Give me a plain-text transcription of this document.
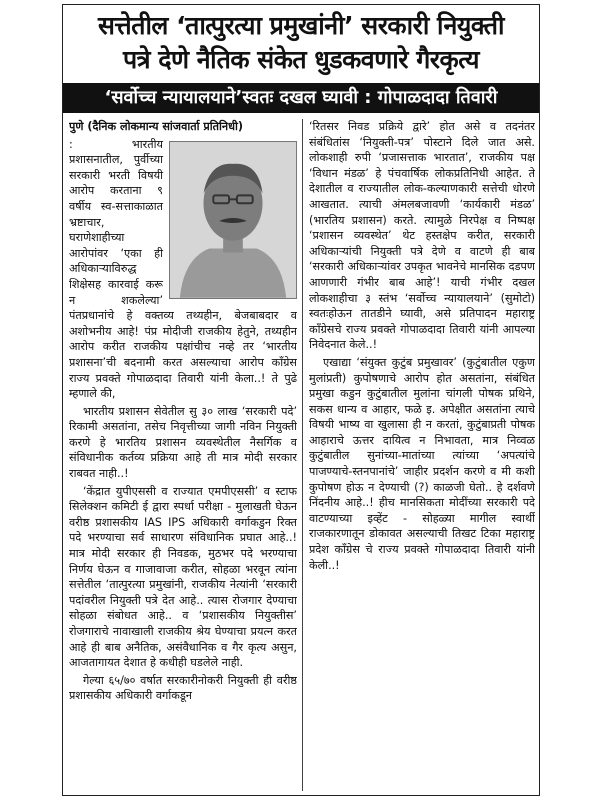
सत्तेतील ‘तात्पुरत्या प्रमुखांनी’ सरकारी नियुक्ती
पत्रे देणे नैतिक संकेत धुडकवणारे गैरकृत्य
‘सर्वोच्च न्यायालयाने’स्वतः दखल घ्यावी : गोपाळदादा तिवारी

पुणे (दैनिक लोकमान्य सांजवार्ता प्रतिनिधी)

: भारतीय प्रशासनातील, पुर्वीच्या सरकारी भरती विषयी आरोप करताना ९ वर्षीय स्व-सत्ताकाळात भ्रष्टाचार, घराणेशाहीच्या आरोपांवर ‘एका ही अधिकाऱ्याविरुद्ध शिक्षेसह कारवाई करू न शकलेल्या’ पंतप्रधानांचे हे वक्तव्य तथ्यहीन, बेजबाबदार व अशोभनीय आहे! पंप्र मोदीजी राजकीय हेतुने, तथ्यहीन आरोप करीत राजकीय पक्षांचीच नव्हे तर ‘भारतीय प्रशासना’ची बदनामी करत असल्याचा आरोप कॉंग्रेस राज्य प्रवक्ते गोपाळदादा तिवारी यांनी केला..! ते पुढे म्हणाले की,

भारतीय प्रशासन सेवेतील सु ३० लाख ‘सरकारी पदे’ रिकामी असतांना, तसेच निवृत्तीच्या जागी नविन नियुक्ती करणे हे भारतिय प्रशासन व्यवस्थेतील नैसर्गिक व संविधानीक कर्तव्य प्रक्रिया आहे ती मात्र मोदी सरकार राबवत नाही..!

‘केंद्रात युपीएससी व राज्यात एमपीएससी’ व स्टाफ सिलेक्शन कमिटी ई द्वारा स्पर्धा परीक्षा - मुलाखती घेऊन वरीष्ठ प्रशासकीय IAS IPS अधिकारी वर्गाकडुन रिक्त पदे भरण्याचा सर्व साधारण संविधानिक प्रघात आहे..! मात्र मोदी सरकार ही निवडक, मुठभर पदे भरण्याचा निर्णय घेऊन व गाजावाजा करीत, सोहळा भरवून त्यांना सत्तेतील ‘तात्पुरत्या प्रमुखांनी, राजकीय नेत्यांनी ‘सरकारी पदांवरील नियुक्ती पत्रे देत आहे.. त्यास रोजगार देण्याचा सोहळा संबोधत आहे.. व ‘प्रशासकीय नियुक्तीस’ रोजगाराचे नावाखाली राजकीय श्रेय घेण्याचा प्रयत्न करत आहे ही बाब अनैतिक, असंवैधानिक व गैर कृत्य असुन, आजतागायत देशात हे कधीही घडलेले नाही.

गेल्या ६५/७० वर्षात सरकारीनोकरी नियुक्ती ही वरीष्ठ प्रशासकीय अधिकारी वर्गाकडून

‘रितसर निवड प्रक्रिये द्वारे’ होत असे व तदनंतर संबंधितांस ‘नियुक्ती-पत्र’ पोस्टाने दिले जात असे. लोकशाही रुपी ‘प्रजासत्ताक भारतात’, राजकीय पक्ष ‘विधान मंडळ’ हे पंचवार्षिक लोकप्रतिनिधी आहेत. ते देशातील व राज्यातील लोक-कल्याणकारी सत्तेची धोरणे आखतात. त्याची अंमलबजावणी ‘कार्यकारी मंडळ’ (भारतिय प्रशासन) करते. त्यामुळे निरपेक्ष व निष्पक्ष ‘प्रशासन व्यवस्थेत’ थेट हस्तक्षेप करीत, सरकारी अधिकाऱ्यांची नियुक्ती पत्रे देणे व वाटणे ही बाब ‘सरकारी अधिकाऱ्यांवर उपकृत भावनेचे मानसिक दडपण आणणारी गंभीर बाब आहे’! याची गंभीर दखल लोकशाहीचा ३ स्तंभ ‘सर्वोच्च न्यायालयाने’ (सुमोटो) स्वतःहोऊन तातडीने घ्यावी, असे प्रतिपादन महाराष्ट्र कॉंग्रेसचे राज्य प्रवक्ते गोपाळदादा तिवारी यांनी आपल्या निवेदनात केले..!

एखाद्या ‘संयुक्त कुटुंब प्रमुखावर’ (कुटुंबातील एकुण मुलांप्रती) कुपोषणाचे आरोप होत असतांना, संबंधित प्रमुखा कडुन कुटुंबातील मुलांना चांगली पोषक प्रथिने, सकस धान्य व आहार, फळे इ. अपेक्षीत असतांना त्याचे विषयी भाष्य वा खुलासा ही न करतां, कुटुंबाप्रती पोषक आहाराचे ऊत्तर दायित्व न निभावता, मात्र निव्वळ कुटुंबातील सुनांच्या-मातांच्या त्यांच्या ‘अपत्यांचे पाजण्याचे-स्तनपानांचे’ जाहीर प्रदर्शन करणे व मी कशी कुपोषण होऊ न देण्याची (?) काळजी घेतो.. हे दर्शवणे निंदनीय आहे..! हीच मानसिकता मोदींच्या सरकारी पदे वाटण्याच्या इव्हेंट - सोहळ्या मागील स्वार्थी राजकारणातून डोकावत असल्याची तिखट टिका महाराष्ट्र प्रदेश कॉंग्रेस चे राज्य प्रवक्ते गोपाळदादा तिवारी यांनी केली..!
